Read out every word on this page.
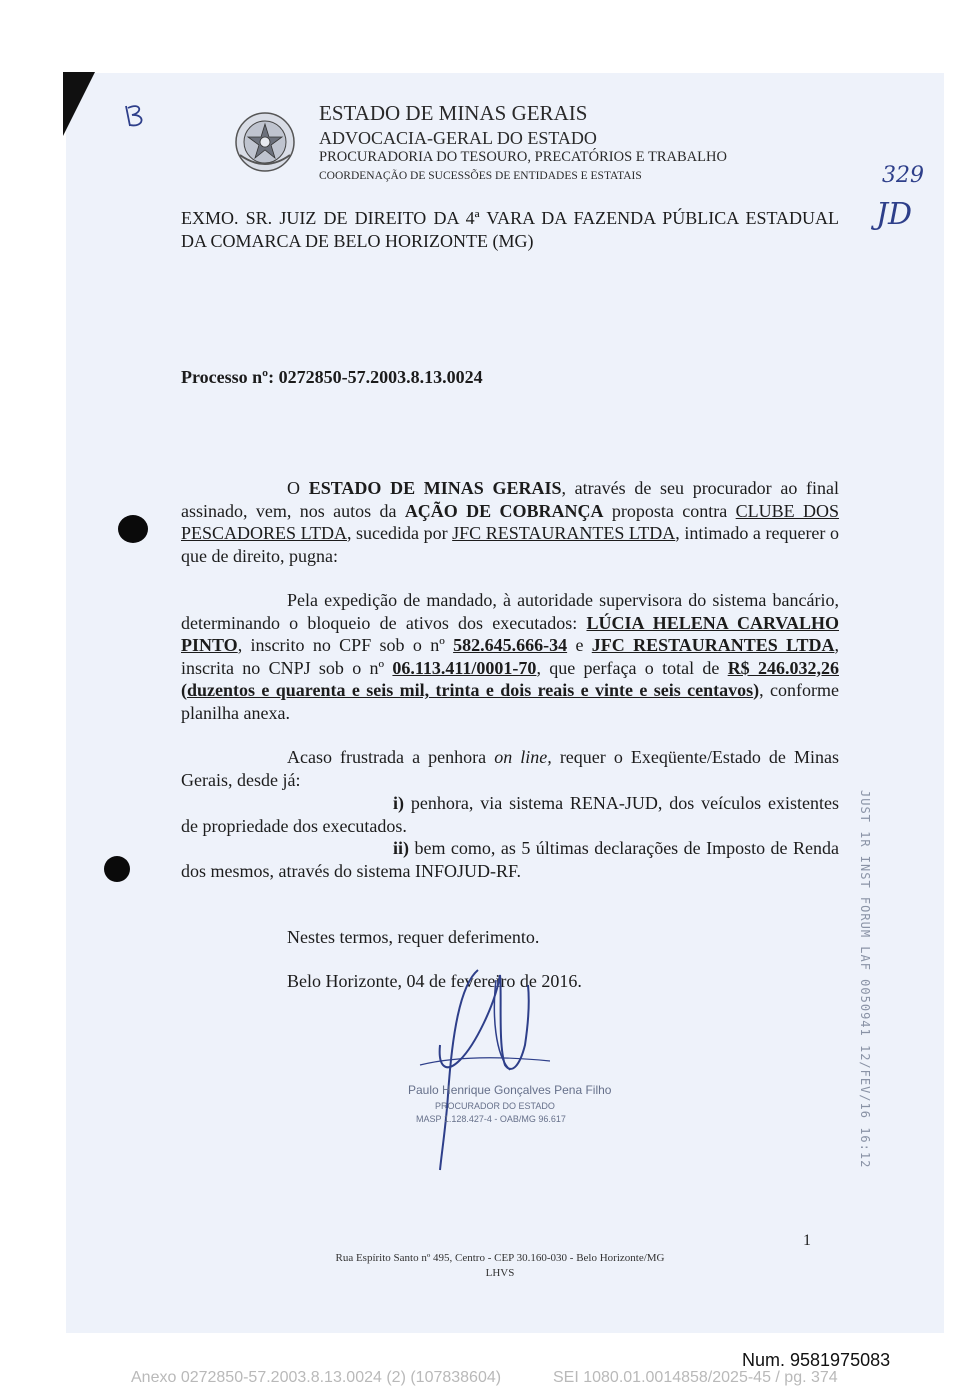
ESTADO DE MINAS GERAIS
ADVOCACIA-GERAL DO ESTADO
PROCURADORIA DO TESOURO, PRECATÓRIOS E TRABALHO
COORDENAÇÃO DE SUCESSÕES DE ENTIDADES E ESTATAIS
EXMO. SR. JUIZ DE DIREITO DA 4ª VARA DA FAZENDA PÚBLICA ESTADUAL DA COMARCA DE BELO HORIZONTE (MG)
Processo nº: 0272850-57.2003.8.13.0024
O ESTADO DE MINAS GERAIS, através de seu procurador ao final assinado, vem, nos autos da AÇÃO DE COBRANÇA proposta contra CLUBE DOS PESCADORES LTDA, sucedida por JFC RESTAURANTES LTDA, intimado a requerer o que de direito, pugna:
Pela expedição de mandado, à autoridade supervisora do sistema bancário, determinando o bloqueio de ativos dos executados: LÚCIA HELENA CARVALHO PINTO, inscrito no CPF sob o nº 582.645.666-34 e JFC RESTAURANTES LTDA, inscrita no CNPJ sob o nº 06.113.411/0001-70, que perfaça o total de R$ 246.032,26 (duzentos e quarenta e seis mil, trinta e dois reais e vinte e seis centavos), conforme planilha anexa.
Acaso frustrada a penhora on line, requer o Exeqüente/Estado de Minas Gerais, desde já:
i) penhora, via sistema RENA-JUD, dos veículos existentes de propriedade dos executados.
ii) bem como, as 5 últimas declarações de Imposto de Renda dos mesmos, através do sistema INFOJUD-RF.
Nestes termos, requer deferimento.
Belo Horizonte, 04 de fevereiro de 2016.
Paulo Henrique Gonçalves Pena Filho
PROCURADOR DO ESTADO
MASP 1.128.427-4 - OAB/MG 96.617
1
Rua Espírito Santo nº 495, Centro - CEP 30.160-030 - Belo Horizonte/MG
LHVS
JUST 1R INST FORUM LAF 0050941 12/FEV/16 16:12
B
329
JD
Num. 9581975083
Anexo 0272850-57.2003.8.13.0024 (2) (107838604)	SEI 1080.01.0014858/2025-45 / pg. 374
